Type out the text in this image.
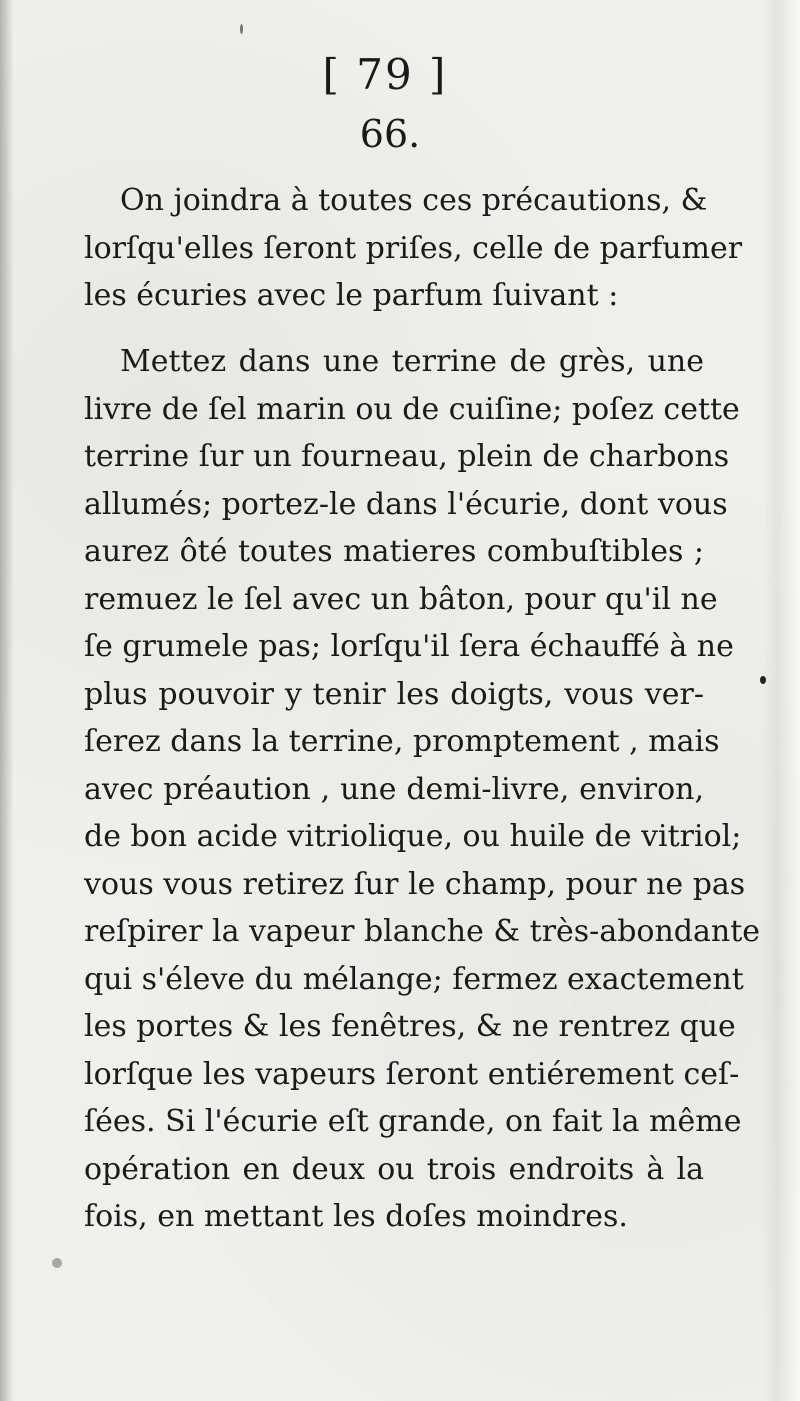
[ 79 ]
66.
On joindra à toutes ces précautions, &
lorſqu'elles ſeront priſes, celle de parfumer
les écuries avec le parfum ſuivant :
Mettez dans une terrine de grès, une
livre de ſel marin ou de cuiſine; poſez cette
terrine ſur un fourneau, plein de charbons
allumés; portez-le dans l'écurie, dont vous
aurez ôté toutes matieres combuſtibles ;
remuez le ſel avec un bâton, pour qu'il ne
ſe grumele pas; lorſqu'il ſera échauffé à ne
plus pouvoir y tenir les doigts, vous ver-
ſerez dans la terrine, promptement , mais
avec préaution , une demi-livre, environ,
de bon acide vitriolique, ou huile de vitriol;
vous vous retirez ſur le champ, pour ne pas
reſpirer la vapeur blanche & très-abondante
qui s'éleve du mélange; fermez exactement
les portes & les fenêtres, & ne rentrez que
lorſque les vapeurs ſeront entiérement ceſ-
ſées. Si l'écurie eſt grande, on fait la même
opération en deux ou trois endroits à la
fois, en mettant les doſes moindres.
